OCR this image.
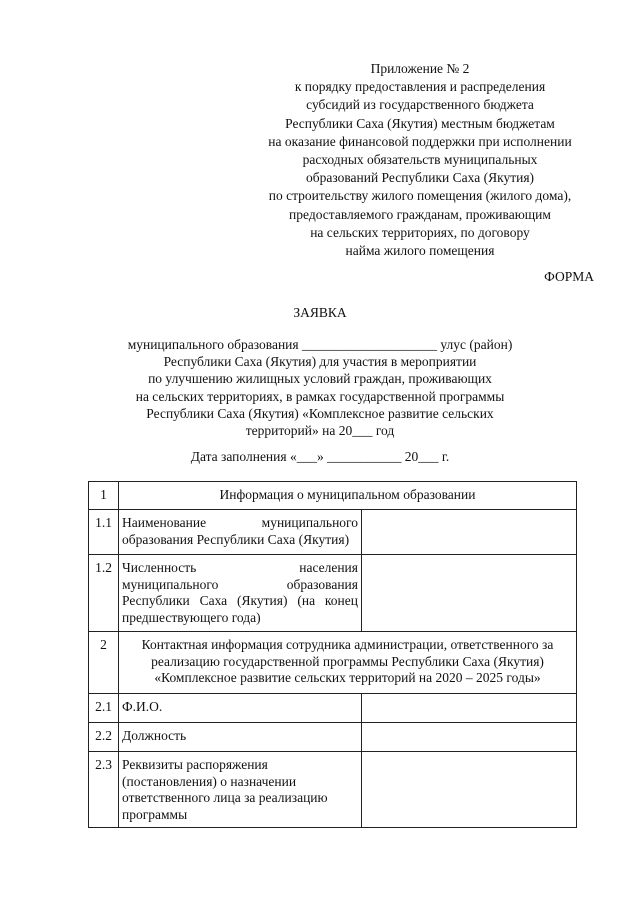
Приложение № 2
к порядку предоставления и распределения
субсидий из государственного бюджета
Республики Саха (Якутия) местным бюджетам
на оказание финансовой поддержки при исполнении
расходных обязательств муниципальных
образований Республики Саха (Якутия)
по строительству жилого помещения (жилого дома),
предоставляемого гражданам, проживающим
на сельских территориях, по договору
найма жилого помещения
ФОРМА
ЗАЯВКА
муниципального образования ____________________ улус (район)
Республики Саха (Якутия) для участия в мероприятии
по улучшению жилищных условий граждан, проживающих
на сельских территориях, в рамках государственной программы
Республики Саха (Якутия) «Комплексное развитие сельских
территорий» на 20___ год
Дата заполнения «___» ___________ 20___ г.
1	Информация о муниципальном образовании	
1.1	Наименование муниципального образования Республики Саха (Якутия)	
1.2	Численность населения муниципального образования Республики Саха (Якутия) (на конец предшествующего года)	
2	Контактная информация сотрудника администрации, ответственного за
реализацию государственной программы Республики Саха (Якутия)
«Комплексное развитие сельских территорий на 2020 – 2025 годы»	

2.1	Ф.И.О.	
2.2	Должность	
2.3	Реквизиты распоряжения
(постановления) о назначении
ответственного лица за реализацию
программы	
